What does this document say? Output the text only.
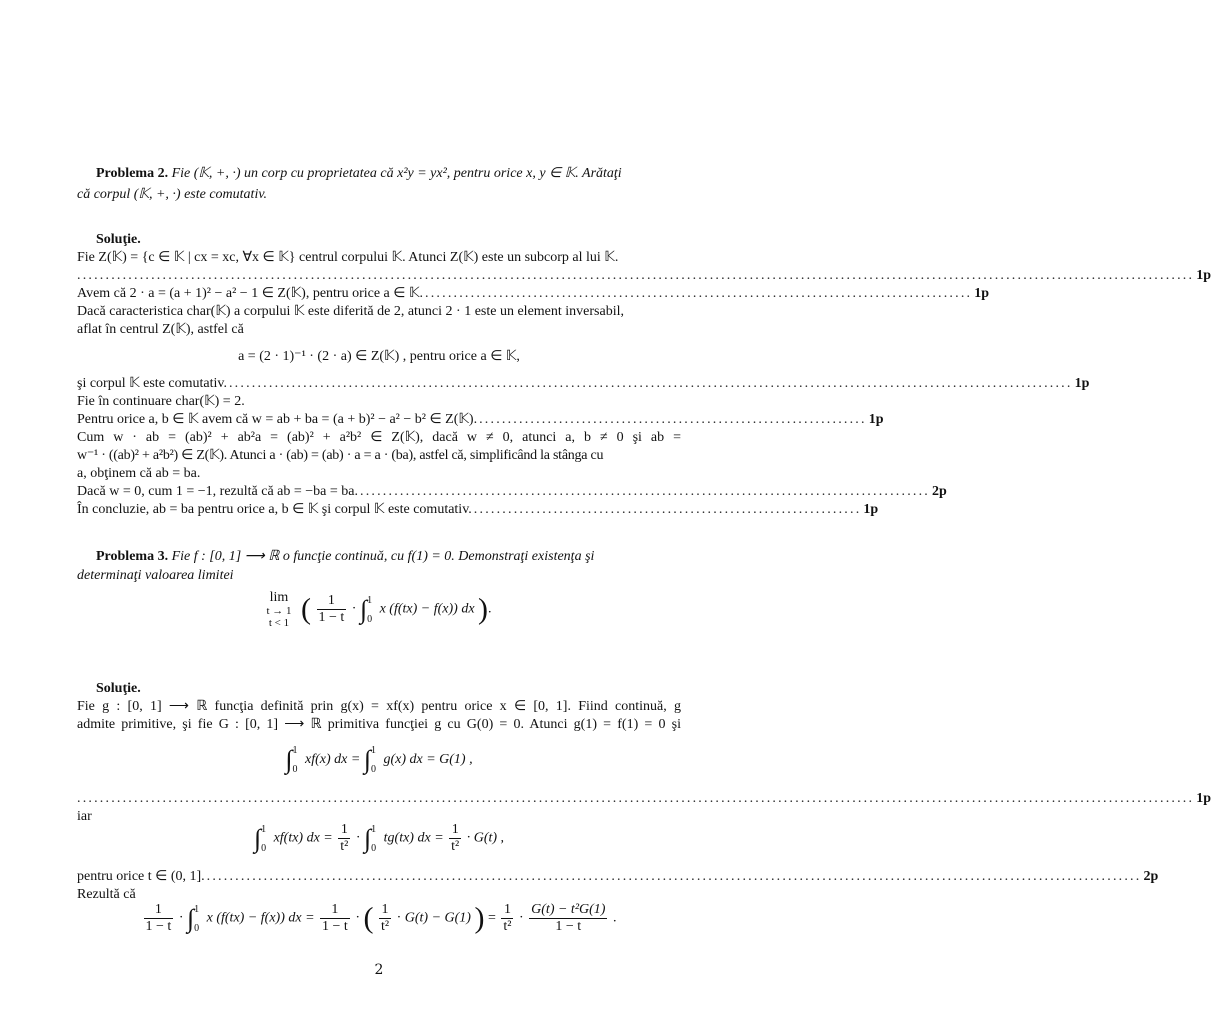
Problema 2. Fie (𝕂, +, ·) un corp cu proprietatea că x²y = yx², pentru orice x, y ∈ 𝕂. Arătaţi
că corpul (𝕂, +, ·) este comutativ.
Soluţie.
Fie Z(𝕂) = {c ∈ 𝕂 | cx = xc, ∀x ∈ 𝕂} centrul corpului 𝕂. Atunci Z(𝕂) este un subcorp al lui 𝕂.
.................................................................................................................................................................................................... 1p
Avem că 2 · a = (a + 1)² − a² − 1 ∈ Z(𝕂), pentru orice a ∈ 𝕂. ................................................................................................ 1p
Dacă caracteristica char(𝕂) a corpului 𝕂 este diferită de 2, atunci 2 · 1 este un element inversabil,
aflat în centrul Z(𝕂), astfel că
a = (2 · 1)⁻¹ · (2 · a) ∈ Z(𝕂) , pentru orice a ∈ 𝕂,
şi corpul 𝕂 este comutativ. .................................................................................................................................................... 1p
Fie în continuare char(𝕂) = 2.
Pentru orice a, b ∈ 𝕂 avem că w = ab + ba = (a + b)² − a² − b² ∈ Z(𝕂). .................................................................... 1p
Cum w · ab = (ab)² + ab²a = (ab)² + a²b² ∈ Z(𝕂), dacă w ≠ 0, atunci a, b ≠ 0 şi ab =
w⁻¹ · ((ab)² + a²b²) ∈ Z(𝕂). Atunci a · (ab) = (ab) · a = a · (ba), astfel că, simplificând la stânga cu
a, obţinem că ab = ba.
Dacă w = 0, cum 1 = −1, rezultă că ab = −ba = ba. .................................................................................................... 2p
În concluzie, ab = ba pentru orice a, b ∈ 𝕂 şi corpul 𝕂 este comutativ. .................................................................... 1p
Problema 3. Fie f : [0, 1] ⟶ ℝ o funcţie continuă, cu f(1) = 0. Demonstraţi existenţa şi
determinaţi valoarea limitei
lim
t → 1
t < 1 ( $\frac{1}{1 - t}$ · ∫ 1
0
x (f(tx) − f(x)) dx ).
Soluţie.
Fie g : [0, 1] ⟶ ℝ funcţia definită prin g(x) = xf(x) pentru orice x ∈ [0, 1]. Fiind continuă, g
admite primitive, şi fie G : [0, 1] ⟶ ℝ primitiva funcţiei g cu G(0) = 0. Atunci g(1) = f(1) = 0 şi
∫ 1
0
xf(x) dx = ∫ 1
0
g(x) dx = G(1) ,
.................................................................................................................................................................................................... 1p
iar
∫ 1
0
xf(tx) dx = $\frac{1}{\text{t²}}$ · ∫ 1
0
tg(tx) dx = $\frac{1}{\text{t²}} \cdot G(t)$ ,
pentru orice t ∈ (0, 1]. .................................................................................................................................................................... 2p
Rezultă că
$\frac{1}{1 - t}$ · ∫ 1
0
x (f(tx) − f(x)) dx = $\frac{1}{1 - t}$ · ( $\frac{1}{\text{t²}} \cdot G(t) - G(1)$ ) = $\frac{1}{\text{t²}} \cdot \frac{\text{G(t) − t²G(1)}}{1 - t}$ .
2
